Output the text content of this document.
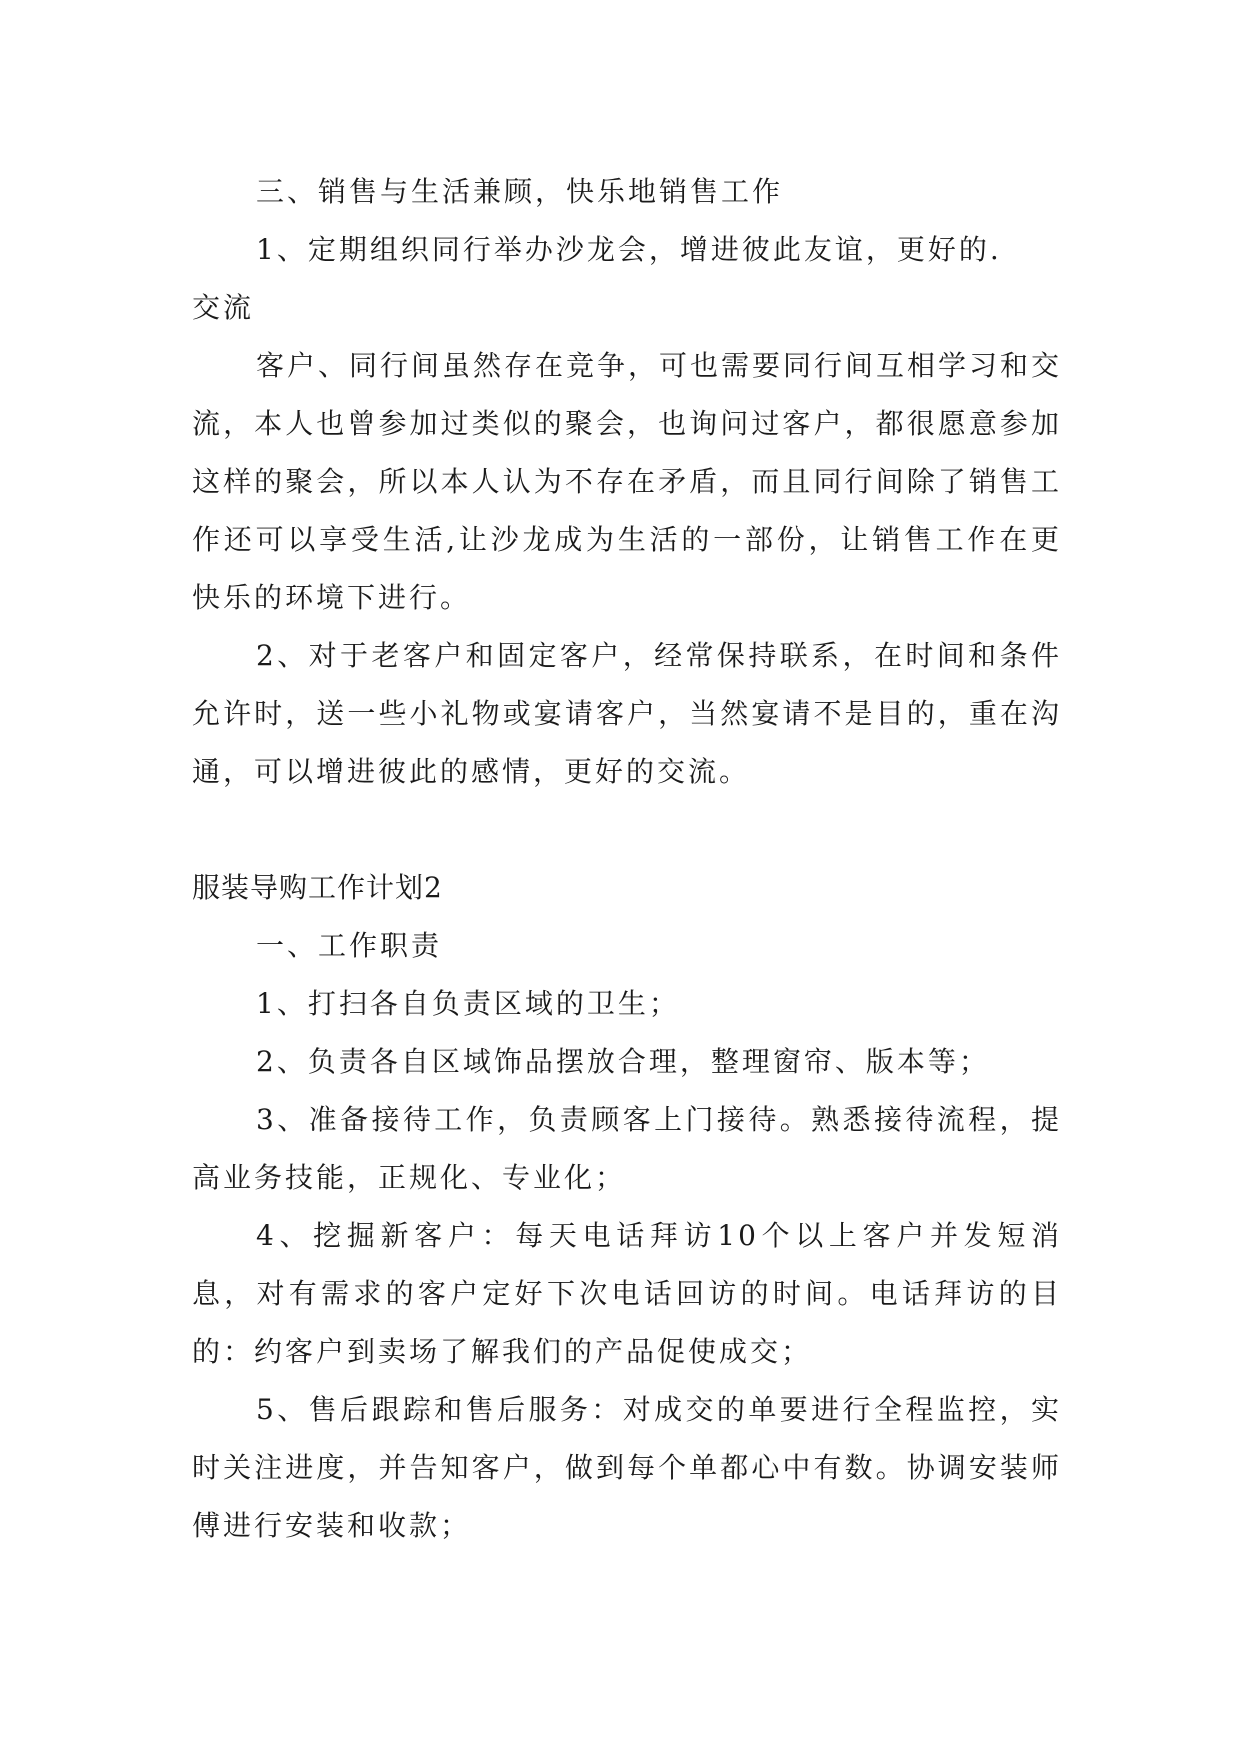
三、销售与生活兼顾，快乐地销售工作

1、定期组织同行举办沙龙会，增进彼此友谊，更好的.

交流

客户、同行间虽然存在竞争，可也需要同行间互相学习和交流，本人也曾参加过类似的聚会，也询问过客户，都很愿意参加这样的聚会，所以本人认为不存在矛盾，而且同行间除了销售工作还可以享受生活,让沙龙成为生活的一部份，让销售工作在更快乐的环境下进行。

2、对于老客户和固定客户，经常保持联系，在时间和条件允许时，送一些小礼物或宴请客户，当然宴请不是目的，重在沟通，可以增进彼此的感情，更好的交流。

服装导购工作计划2

一、工作职责

1、打扫各自负责区域的卫生；

2、负责各自区域饰品摆放合理，整理窗帘、版本等；

3、准备接待工作，负责顾客上门接待。熟悉接待流程，提高业务技能，正规化、专业化；

4、挖掘新客户：每天电话拜访10个以上客户并发短消息，对有需求的客户定好下次电话回访的时间。电话拜访的目的：约客户到卖场了解我们的产品促使成交；

5、售后跟踪和售后服务：对成交的单要进行全程监控，实时关注进度，并告知客户，做到每个单都心中有数。协调安装师傅进行安装和收款；
